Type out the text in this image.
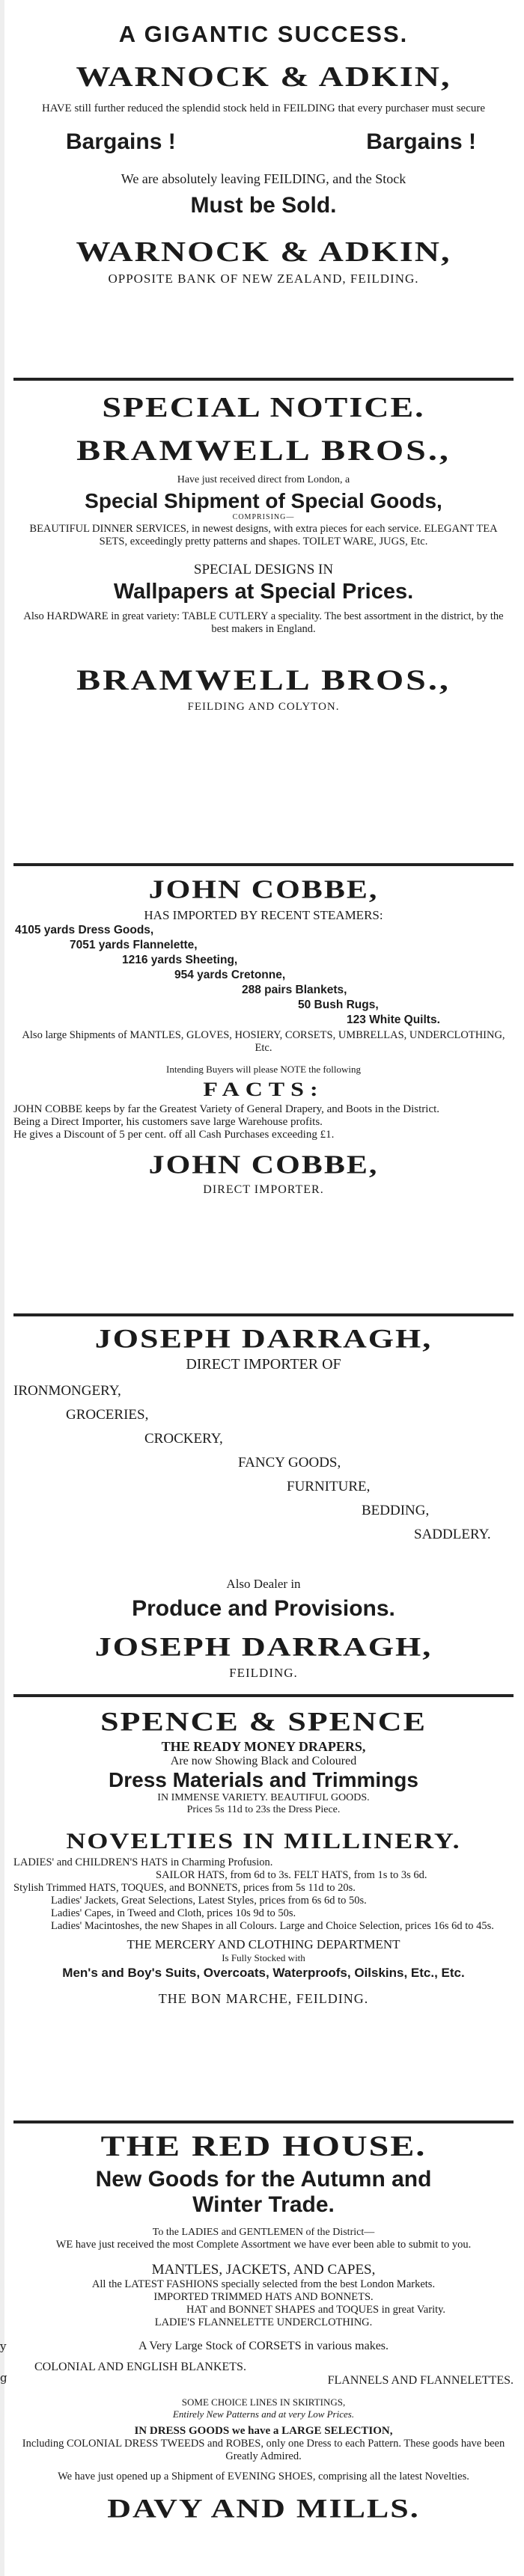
y
g
A GIGANTIC SUCCESS.
WARNOCK & ADKIN,
HAVE still further reduced the splendid stock held in FEILDING that every purchaser must secure
Bargains !	Bargains !
We are absolutely leaving FEILDING, and the Stock
Must be Sold.
WARNOCK & ADKIN,
OPPOSITE BANK OF NEW ZEALAND, FEILDING.
SPECIAL NOTICE.
BRAMWELL BROS.,
Have just received direct from London, a
Special Shipment of Special Goods,
COMPRISING—
BEAUTIFUL DINNER SERVICES, in newest designs, with extra pieces for each service. ELEGANT TEA SETS, exceedingly pretty patterns and shapes. TOILET WARE, JUGS, Etc.
SPECIAL DESIGNS IN
Wallpapers at Special Prices.
Also HARDWARE in great variety: TABLE CUTLERY a speciality. The best assortment in the district, by the best makers in England.
BRAMWELL BROS.,
FEILDING AND COLYTON.
JOHN COBBE,
HAS IMPORTED BY RECENT STEAMERS:
4105 yards Dress Goods,
7051 yards Flannelette,
1216 yards Sheeting,
954 yards Cretonne,
288 pairs Blankets,
50 Bush Rugs,
123 White Quilts.
Also large Shipments of MANTLES, GLOVES, HOSIERY, CORSETS, UMBRELLAS, UNDERCLOTHING, Etc.
Intending Buyers will please NOTE the following
FACTS:
JOHN COBBE keeps by far the Greatest Variety of General Drapery, and Boots in the District.
Being a Direct Importer, his customers save large Warehouse profits.
He gives a Discount of 5 per cent. off all Cash Purchases exceeding £1.
JOHN COBBE,
DIRECT IMPORTER.
JOSEPH DARRAGH,
DIRECT IMPORTER OF
IRONMONGERY,
GROCERIES,
CROCKERY,
FANCY GOODS,
FURNITURE,
BEDDING,
SADDLERY.
Also Dealer in
Produce and Provisions.
JOSEPH DARRAGH,
FEILDING.
SPENCE & SPENCE
THE READY MONEY DRAPERS,
Are now Showing Black and Coloured
Dress Materials and Trimmings
IN IMMENSE VARIETY. BEAUTIFUL GOODS.
Prices 5s 11d to 23s the Dress Piece.
NOVELTIES IN MILLINERY.
LADIES' and CHILDREN'S HATS in Charming Profusion.
SAILOR HATS, from 6d to 3s. FELT HATS, from 1s to 3s 6d.
Stylish Trimmed HATS, TOQUES, and BONNETS, prices from 5s 11d to 20s.
Ladies' Jackets, Great Selections, Latest Styles, prices from 6s 6d to 50s.
Ladies' Capes, in Tweed and Cloth, prices 10s 9d to 50s.
Ladies' Macintoshes, the new Shapes in all Colours. Large and Choice Selection, prices 16s 6d to 45s.
THE MERCERY AND CLOTHING DEPARTMENT
Is Fully Stocked with
Men's and Boy's Suits, Overcoats, Waterproofs, Oilskins, Etc., Etc.
THE BON MARCHE, FEILDING.
THE RED HOUSE.
New Goods for the Autumn and
Winter Trade.
To the LADIES and GENTLEMEN of the District—
WE have just received the most Complete Assortment we have ever been able to submit to you.
MANTLES, JACKETS, AND CAPES,
All the LATEST FASHIONS specially selected from the best London Markets.
IMPORTED TRIMMED HATS AND BONNETS.
HAT and BONNET SHAPES and TOQUES in great Varity.
LADIE'S FLANNELETTE UNDERCLOTHING.
A Very Large Stock of CORSETS in various makes.
COLONIAL AND ENGLISH BLANKETS.
FLANNELS AND FLANNELETTES.
SOME CHOICE LINES IN SKIRTINGS,
Entirely New Patterns and at very Low Prices.
IN DRESS GOODS we have a LARGE SELECTION,
Including COLONIAL DRESS TWEEDS and ROBES, only one Dress to each Pattern. These goods have been Greatly Admired.
We have just opened up a Shipment of EVENING SHOES, comprising all the latest Novelties.
DAVY AND MILLS.
